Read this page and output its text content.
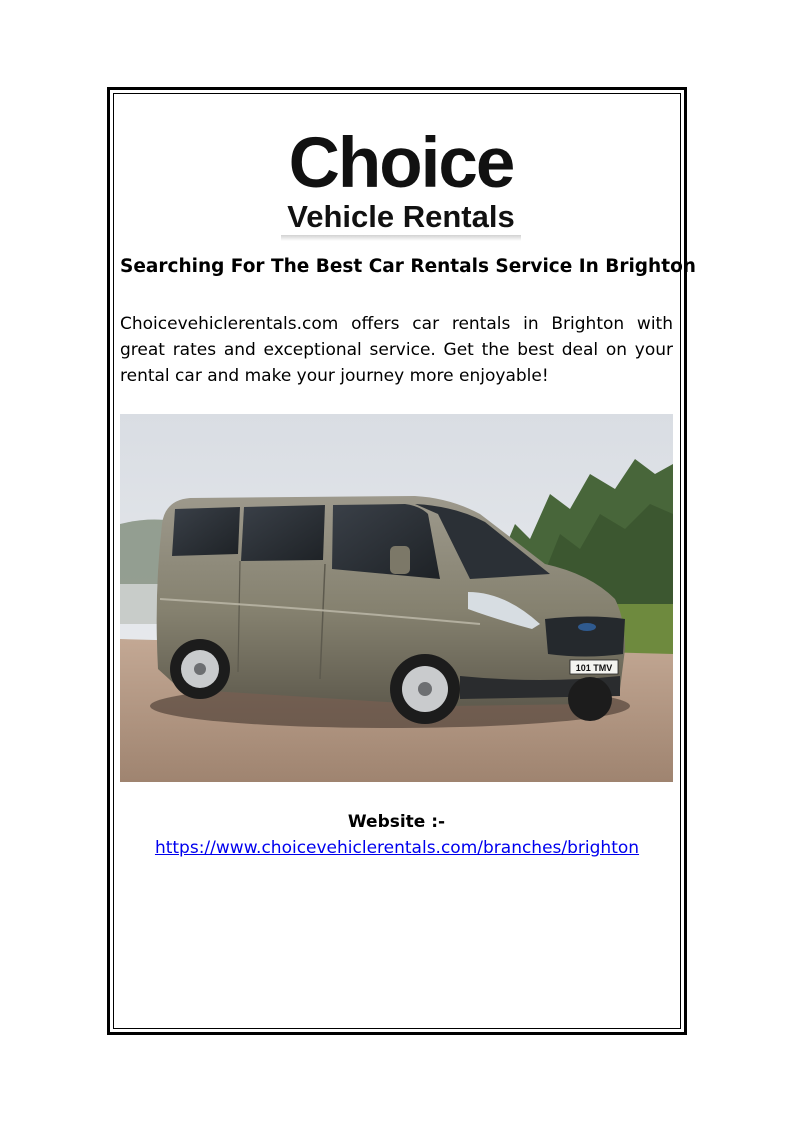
Choice
Vehicle Rentals
Searching For The Best Car Rentals Service In Brighton

Choicevehiclerentals.com offers car rentals in Brighton with great rates and exceptional service. Get the best deal on your rental car and make your journey more enjoyable!

101 TMV
Website :-
https://www.choicevehiclerentals.com/branches/brighton
